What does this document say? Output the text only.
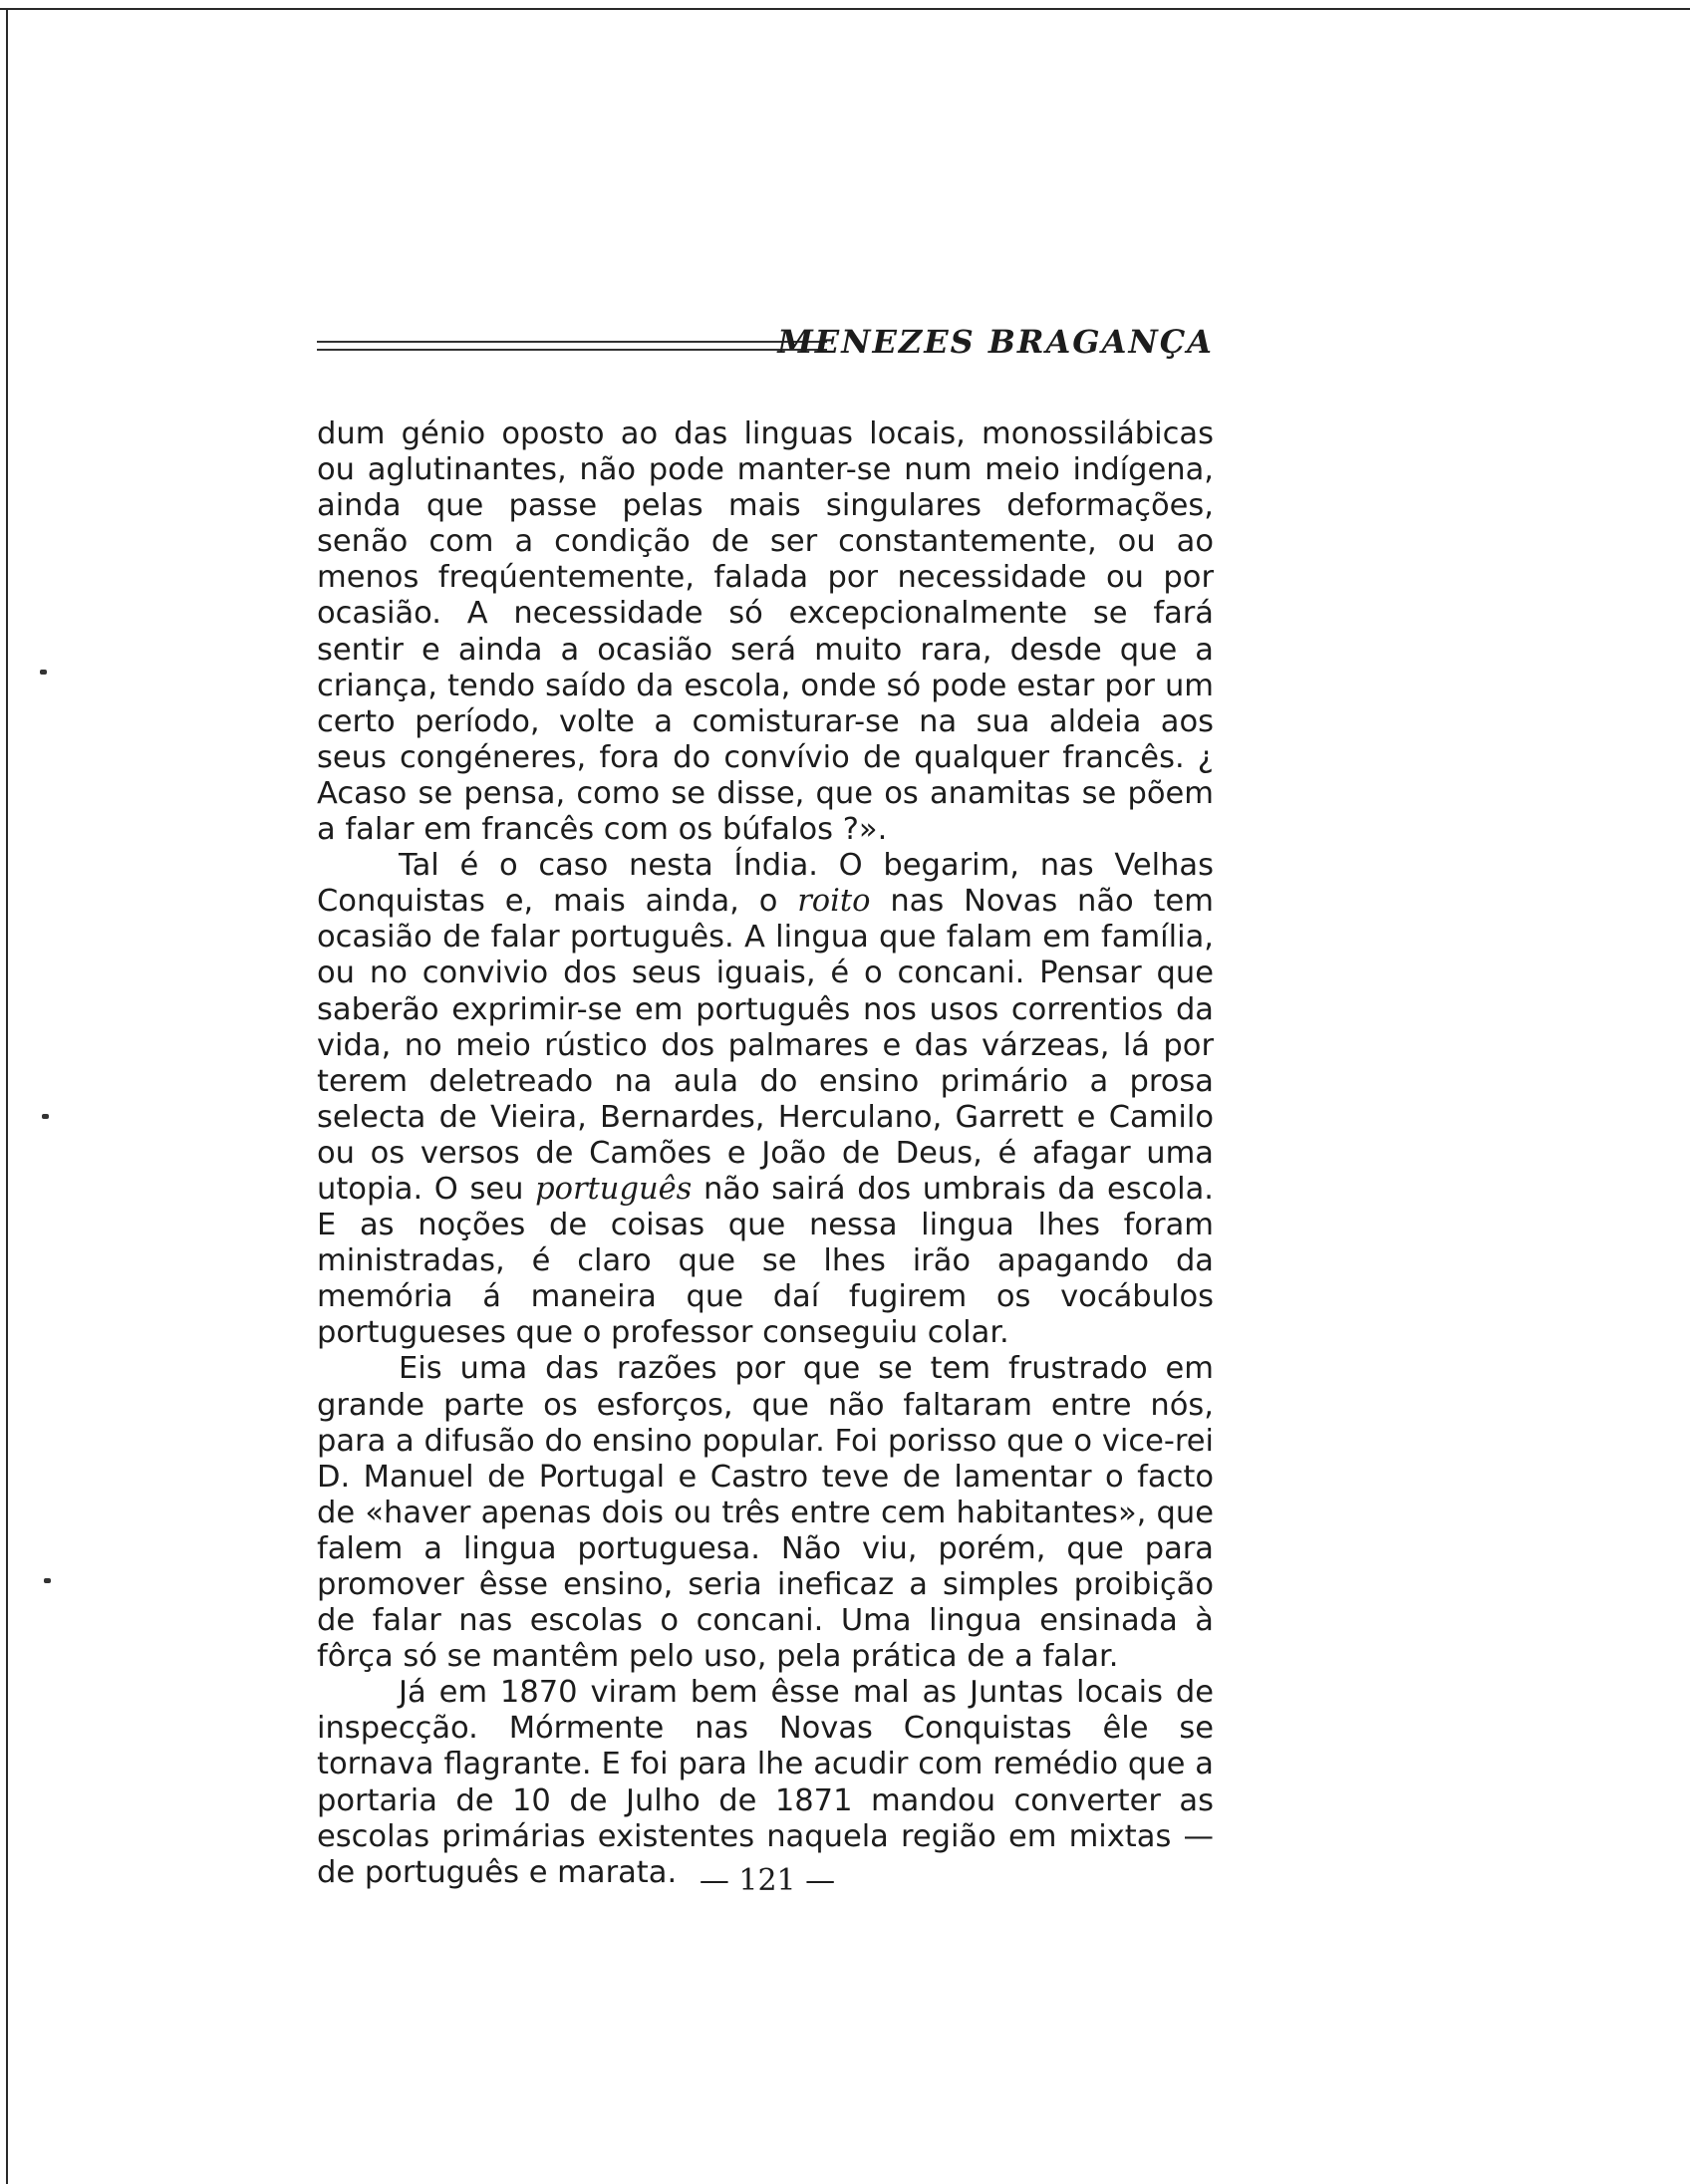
MENEZES BRAGANÇA

dum génio oposto ao das linguas locais, monossilábicas ou aglutinantes, não pode manter-se num meio indígena, ainda que passe pelas mais singulares deformações, senão com a condição de ser constantemente, ou ao menos freqúentemente, falada por necessidade ou por ocasião. A necessidade só excepcionalmente se fará sentir e ainda a ocasião será muito rara, desde que a criança, tendo saído da escola, onde só pode estar por um certo período, volte a comisturar-se na sua aldeia aos seus congéneres, fora do convívio de qualquer francês. ¿ Acaso se pensa, como se disse, que os anamitas se põem a falar em francês com os búfalos ?».

Tal é o caso nesta Índia. O begarim, nas Velhas Conquistas e, mais ainda, o roito nas Novas não tem ocasião de falar português. A lingua que falam em família, ou no convivio dos seus iguais, é o concani. Pensar que saberão exprimir-se em português nos usos correntios da vida, no meio rústico dos palmares e das várzeas, lá por terem deletreado na aula do ensino primário a prosa selecta de Vieira, Bernardes, Herculano, Garrett e Camilo ou os versos de Camões e João de Deus, é afagar uma utopia. O seu português não sairá dos umbrais da escola. E as noções de coisas que nessa lingua lhes foram ministradas, é claro que se lhes irão apagando da memória á maneira que daí fugirem os vocábulos portugueses que o professor conseguiu colar.

Eis uma das razões por que se tem frustrado em grande parte os esforços, que não faltaram entre nós, para a difusão do ensino popular. Foi porisso que o vice-rei D. Manuel de Portugal e Castro teve de lamentar o facto de «haver apenas dois ou três entre cem habitantes», que falem a lingua portuguesa. Não viu, porém, que para promover êsse ensino, seria ineficaz a simples proibição de falar nas escolas o concani. Uma lingua ensinada à fôrça só se mantêm pelo uso, pela prática de a falar.

Já em 1870 viram bem êsse mal as Juntas locais de inspecção. Mórmente nas Novas Conquistas êle se tornava flagrante. E foi para lhe acudir com remédio que a portaria de 10 de Julho de 1871 mandou converter as escolas primárias existentes naquela região em mixtas — de português e marata. — 121 —
